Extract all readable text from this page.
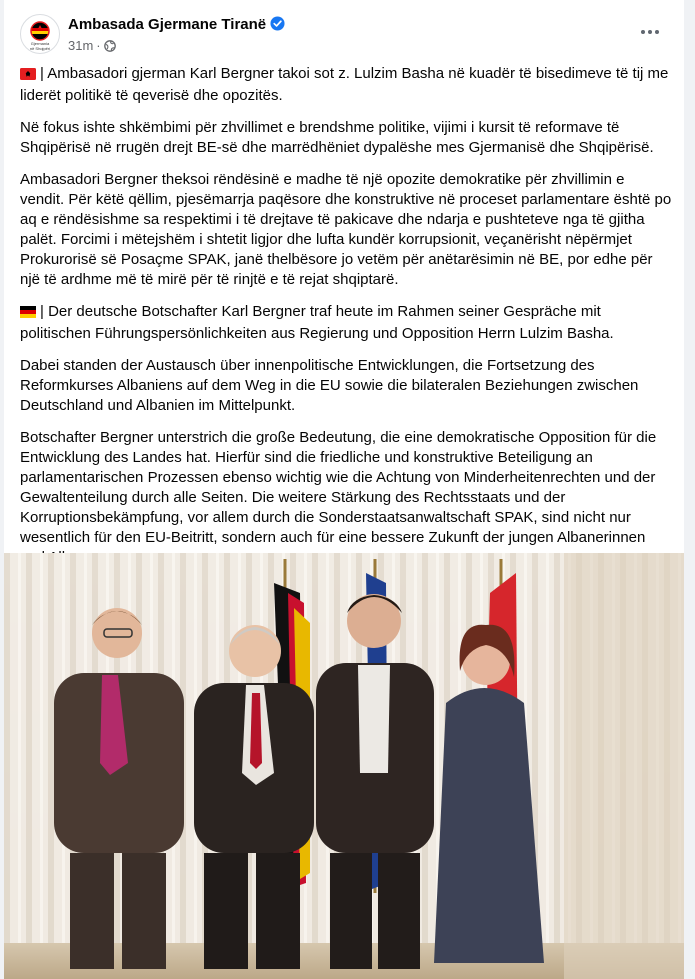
Gjermania
në Shqipëri
Ambasada Gjermane Tiranë
31m ·

| Ambasadori gjerman Karl Bergner takoi sot z. Lulzim Basha në kuadër të bisedimeve të tij me liderët politikë të qeverisë dhe opozitës.

Në fokus ishte shkëmbimi për zhvillimet e brendshme politike, vijimi i kursit të reformave të Shqipërisë në rrugën drejt BE-së dhe marrëdhëniet dypalëshe mes Gjermanisë dhe Shqipërisë.

Ambasadori Bergner theksoi rëndësinë e madhe të një opozite demokratike për zhvillimin e vendit. Për këtë qëllim, pjesëmarrja paqësore dhe konstruktive në proceset parlamentare është po aq e rëndësishme sa respektimi i të drejtave të pakicave dhe ndarja e pushteteve nga të gjitha palët. Forcimi i mëtejshëm i shtetit ligjor dhe lufta kundër korrupsionit, veçanërisht nëpërmjet Prokurorisë së Posaçme SPAK, janë thelbësore jo vetëm për anëtarësimin në BE, por edhe për një të ardhme më të mirë për të rinjtë e të rejat shqiptarë.

| Der deutsche Botschafter Karl Bergner traf heute im Rahmen seiner Gespräche mit politischen Führungspersönlichkeiten aus Regierung und Opposition Herrn Lulzim Basha.

Dabei standen der Austausch über innenpolitische Entwicklungen, die Fortsetzung des Reformkurses Albaniens auf dem Weg in die EU sowie die bilateralen Beziehungen zwischen Deutschland und Albanien im Mittelpunkt.

Botschafter Bergner unterstrich die große Bedeutung, die eine demokratische Opposition für die Entwicklung des Landes hat. Hierfür sind die friedliche und konstruktive Beteiligung an parlamentarischen Prozessen ebenso wichtig wie die Achtung von Minderheitenrechten und der Gewaltenteilung durch alle Seiten. Die weitere Stärkung des Rechtsstaats und der Korruptionsbekämpfung, vor allem durch die Sonderstaatsanwaltschaft SPAK, sind nicht nur wesentlich für den EU-Beitritt, sondern auch für eine bessere Zukunft der jungen Albanerinnen
